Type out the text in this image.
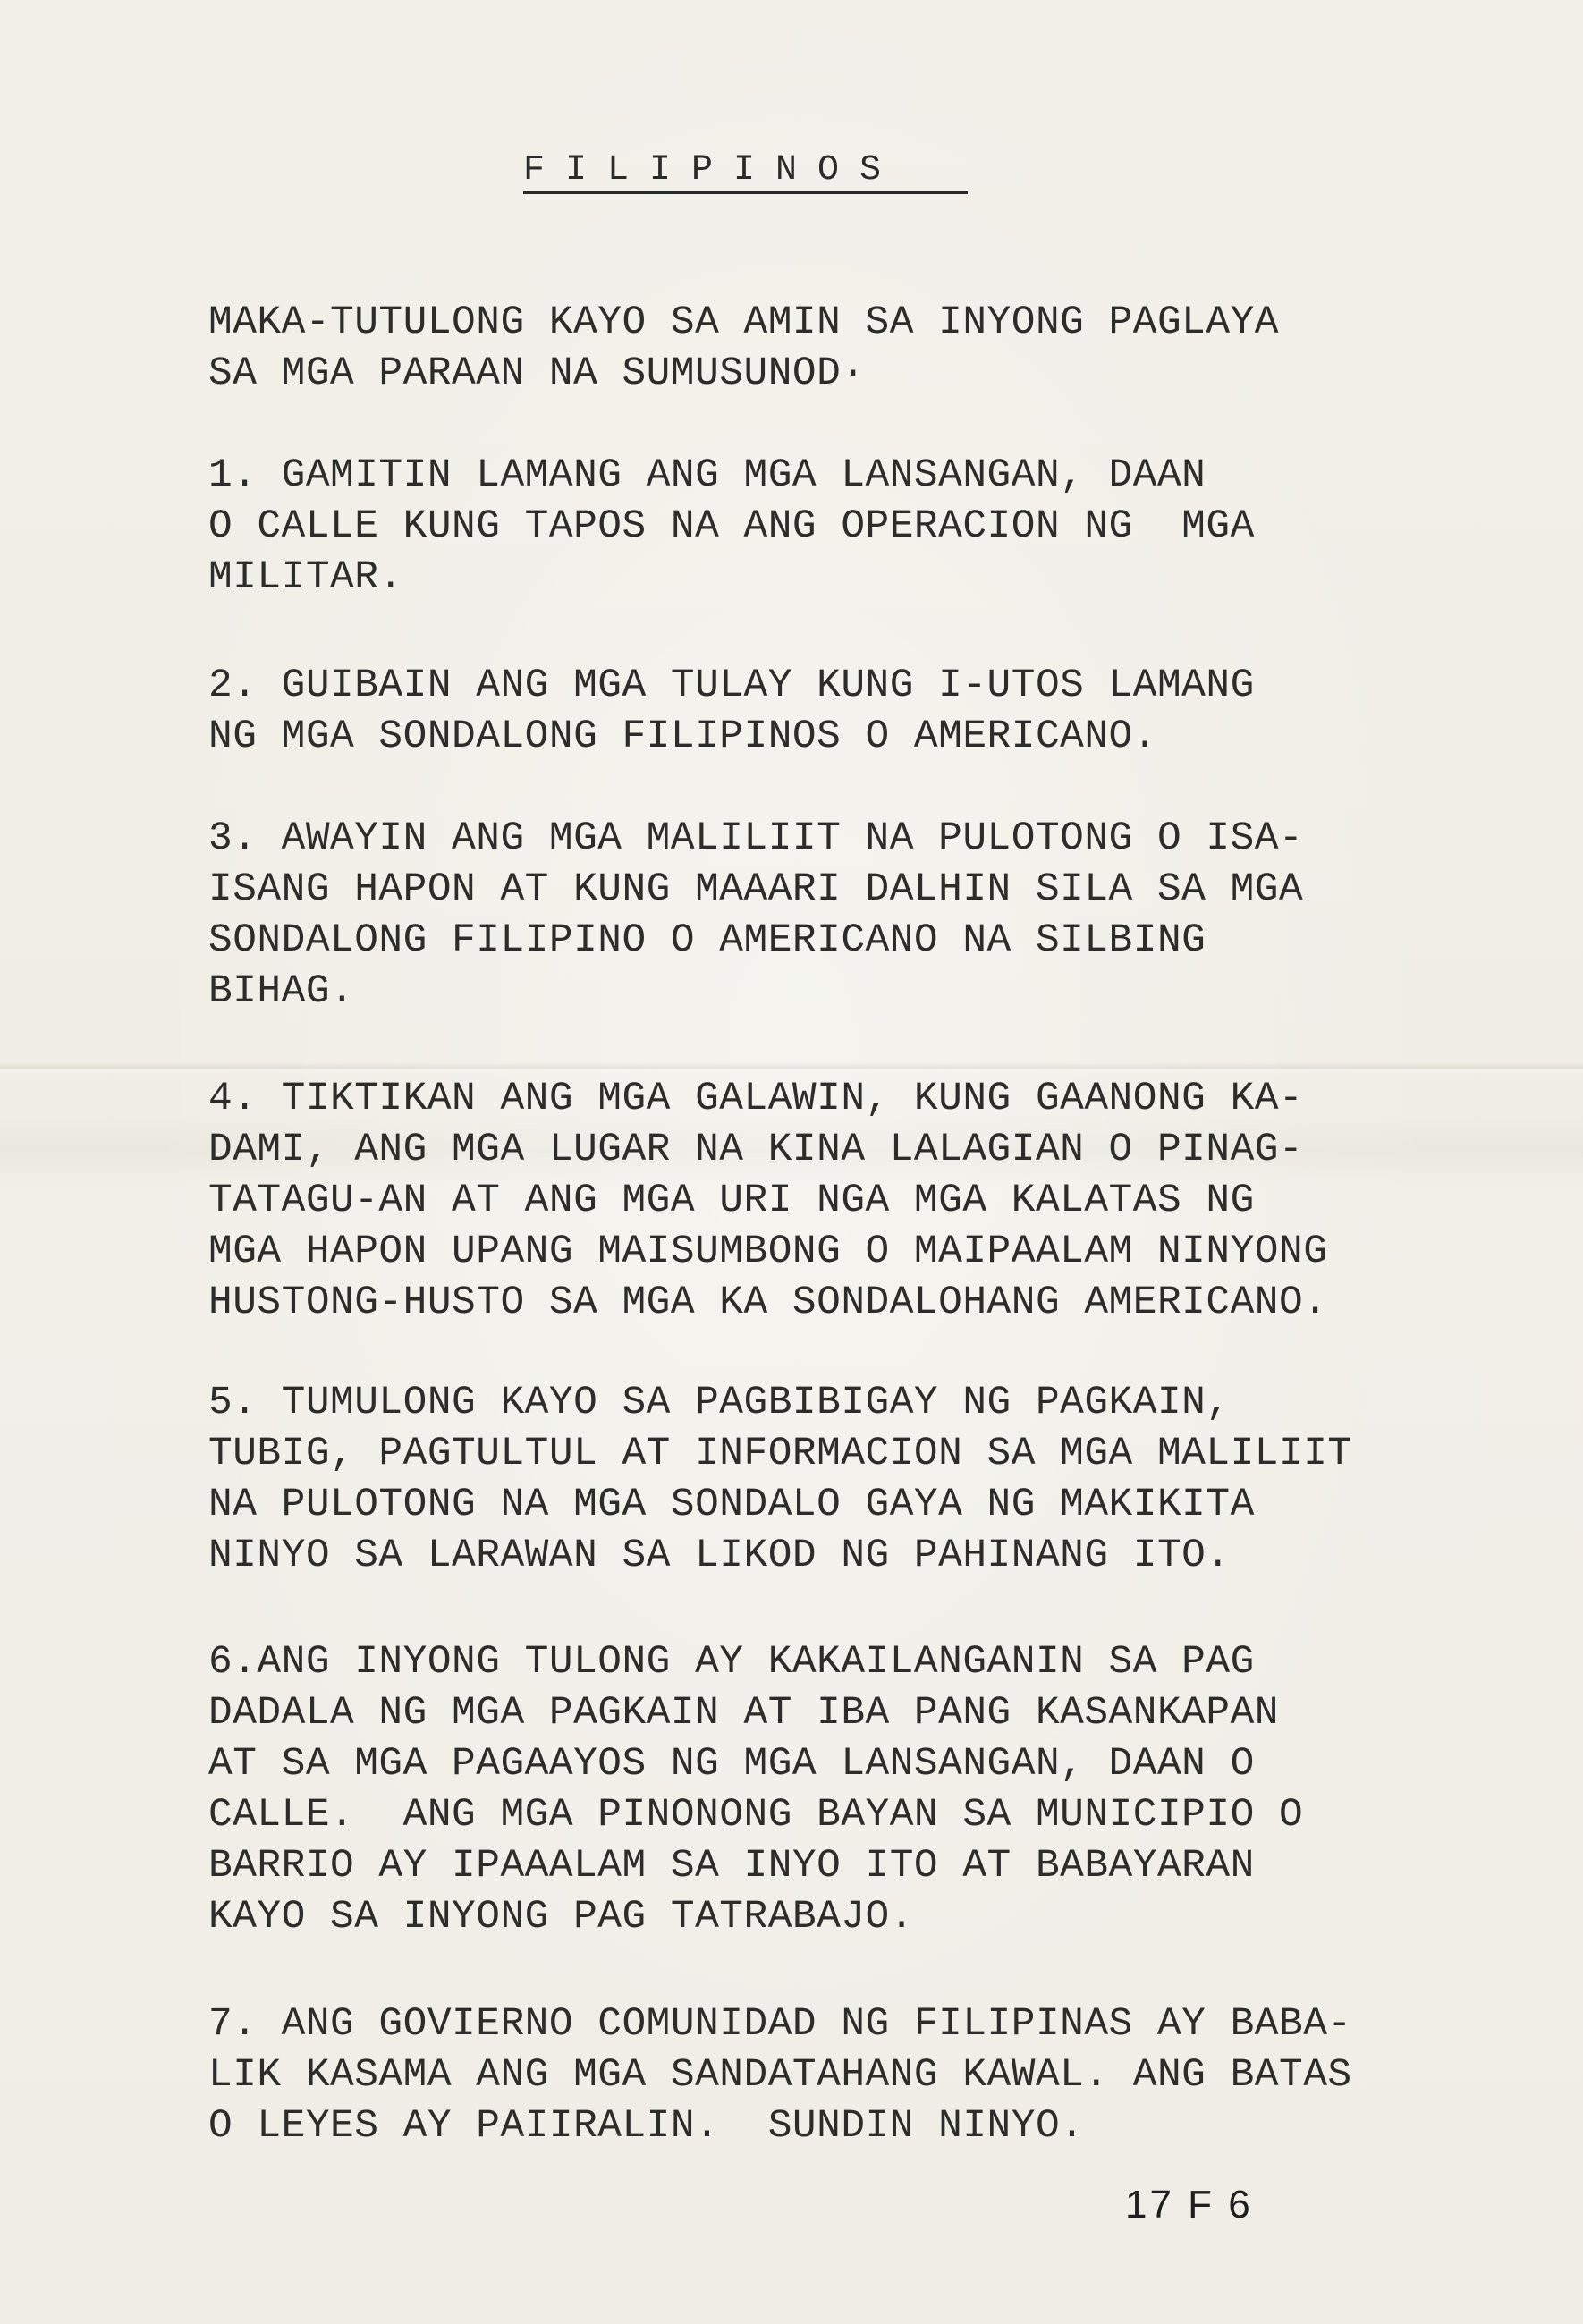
FILIPINOS
MAKA-TUTULONG KAYO SA AMIN SA INYONG PAGLAYA
SA MGA PARAAN NA SUMUSUNOD·
1. GAMITIN LAMANG ANG MGA LANSANGAN, DAAN
O CALLE KUNG TAPOS NA ANG OPERACION NG  MGA
MILITAR.
2. GUIBAIN ANG MGA TULAY KUNG I-UTOS LAMANG
NG MGA SONDALONG FILIPINOS O AMERICANO.
3. AWAYIN ANG MGA MALILIIT NA PULOTONG O ISA-
ISANG HAPON AT KUNG MAAARI DALHIN SILA SA MGA
SONDALONG FILIPINO O AMERICANO NA SILBING
BIHAG.
4. TIKTIKAN ANG MGA GALAWIN, KUNG GAANONG KA-
DAMI, ANG MGA LUGAR NA KINA LALAGIAN O PINAG-
TATAGU-AN AT ANG MGA URI NGA MGA KALATAS NG
MGA HAPON UPANG MAISUMBONG O MAIPAALAM NINYONG
HUSTONG-HUSTO SA MGA KA SONDALOHANG AMERICANO.
5. TUMULONG KAYO SA PAGBIBIGAY NG PAGKAIN,
TUBIG, PAGTULTUL AT INFORMACION SA MGA MALILIIT
NA PULOTONG NA MGA SONDALO GAYA NG MAKIKITA
NINYO SA LARAWAN SA LIKOD NG PAHINANG ITO.
6.ANG INYONG TULONG AY KAKAILANGANIN SA PAG
DADALA NG MGA PAGKAIN AT IBA PANG KASANKAPAN
AT SA MGA PAGAAYOS NG MGA LANSANGAN, DAAN O
CALLE.  ANG MGA PINONONG BAYAN SA MUNICIPIO O
BARRIO AY IPAAALAM SA INYO ITO AT BABAYARAN
KAYO SA INYONG PAG TATRABAJO.
7. ANG GOVIERNO COMUNIDAD NG FILIPINAS AY BABA-
LIK KASAMA ANG MGA SANDATAHANG KAWAL. ANG BATAS
O LEYES AY PAIIRALIN.  SUNDIN NINYO.
17 F 6
